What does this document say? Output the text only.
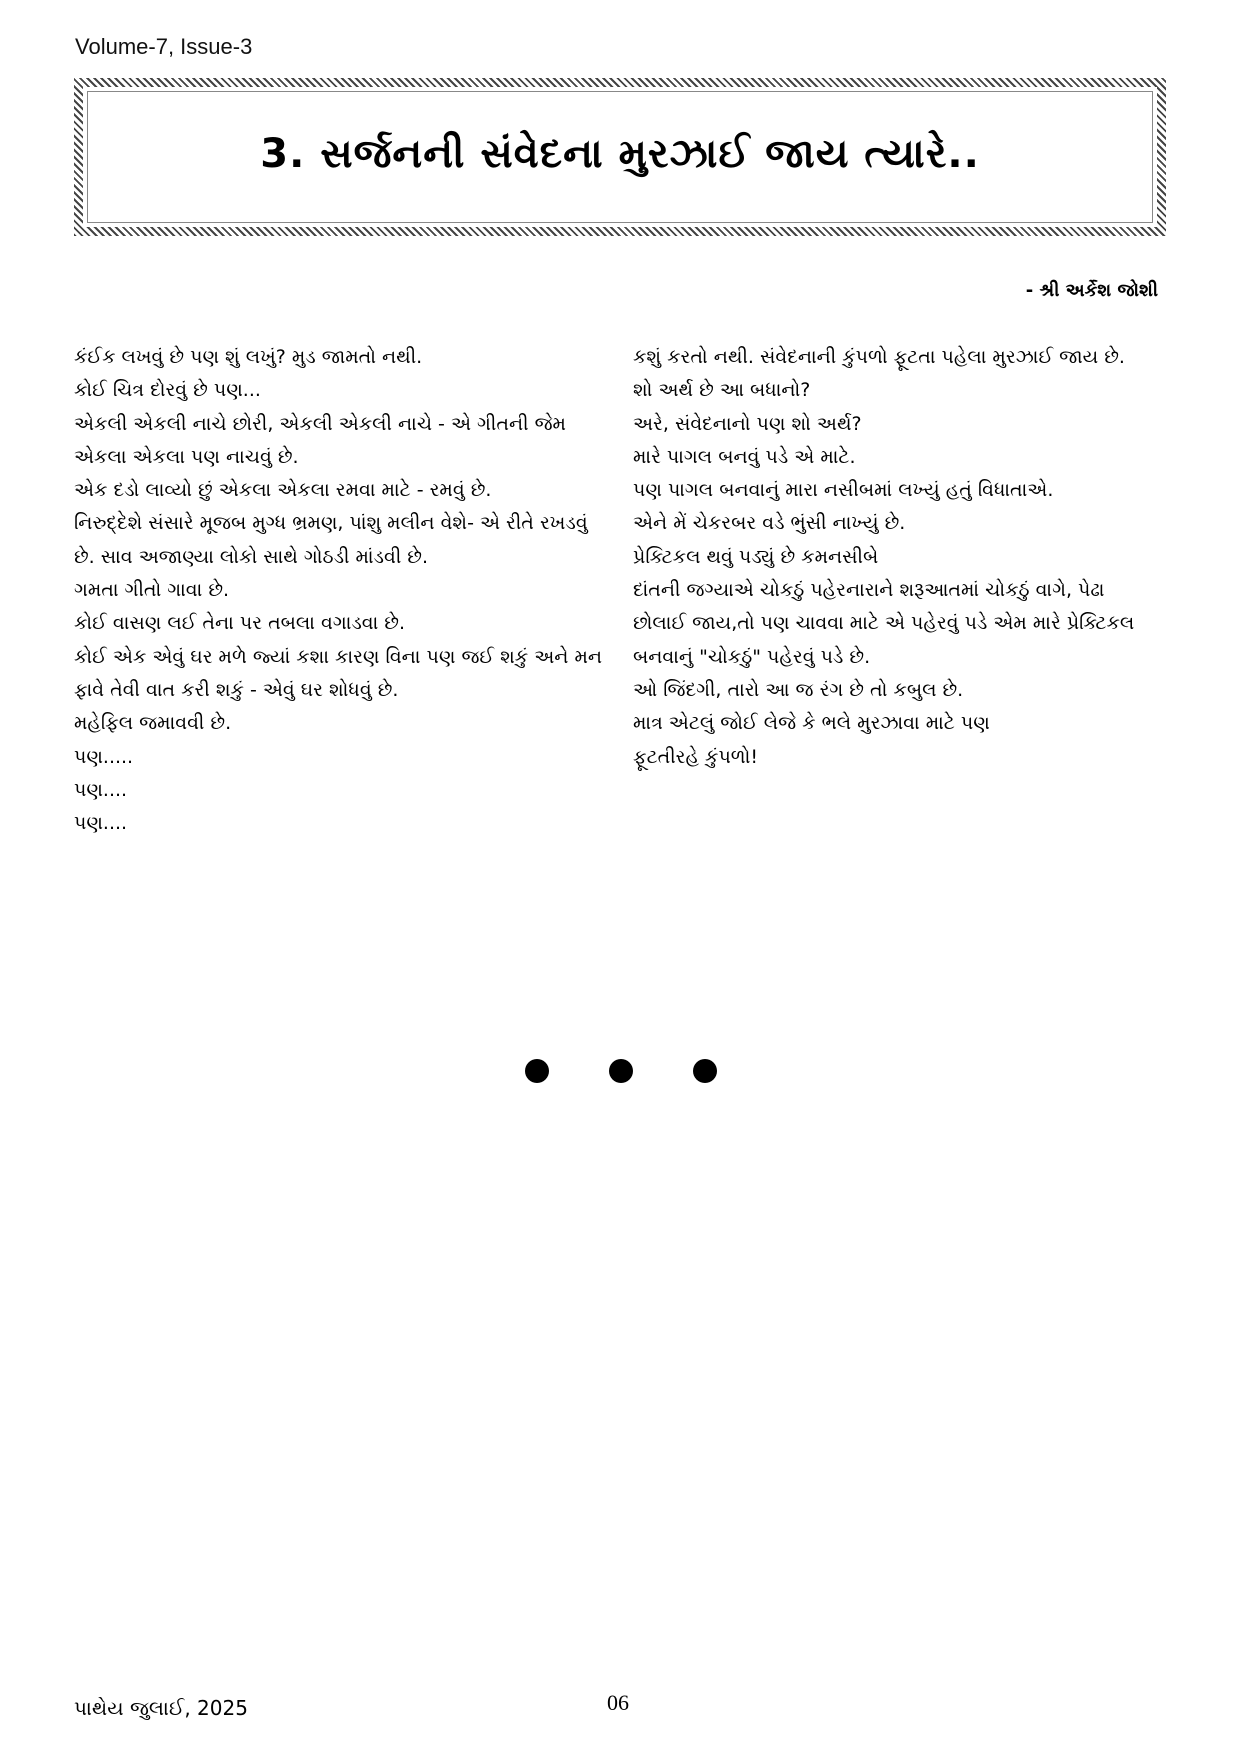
Volume-7, Issue-3
3. સર્જનની સંવેદના મુરઝાઈ જાય ત્યારે..
- શ્રી અર્કેશ જોશી
કંઈક લખવું છે પણ શું લખું? મુડ જામતો નથી.
કોઈ ચિત્ર દોરવું છે પણ...
એકલી એકલી નાચે છોરી, એકલી એકલી નાચે - એ ગીતની જેમ
એકલા એકલા પણ નાચવું છે.
એક દડો લાવ્યો છું એકલા એકલા રમવા માટે - રમવું છે.
નિરુદ્દેશે સંસારે મૂજબ મુગ્ધ ભ્રમણ, પાંશુ મલીન વેશે- એ રીતે રખડવું
છે. સાવ અજાણ્યા લોકો સાથે ગોઠડી માંડવી છે.
ગમતા ગીતો ગાવા છે.
કોઈ વાસણ લઈ તેના પર તબલા વગાડવા છે.
કોઈ એક એવું ઘર મળે જ્યાં કશા કારણ વિના પણ જઈ શકું અને મન
ફાવે તેવી વાત કરી શકું - એવું ઘર શોધવું છે.
મહેફિલ જમાવવી છે.
પણ.....
પણ....
પણ....
કશું કરતો નથી. સંવેદનાની કુંપળો ફૂટતા પહેલા મુરઝાઈ જાય છે.
શો અર્થ છે આ બધાનો?
અરે, સંવેદનાનો પણ શો અર્થ?
મારે પાગલ બનવું પડે એ માટે.
પણ પાગલ બનવાનું મારા નસીબમાં લખ્યું હતું વિધાતાએ.
એને મેં ચેકરબર વડે ભુંસી નાખ્યું છે.
પ્રેક્ટિકલ થવું પડ્યું છે કમનસીબે
દાંતની જગ્યાએ ચોકઠું પહેરનારાને શરૂઆતમાં ચોકઠું વાગે, પેઢા
છોલાઈ જાય,તો પણ ચાવવા માટે એ પહેરવું પડે એમ મારે પ્રેક્ટિકલ
બનવાનું "ચોકઠું" પહેરવું પડે છે.
ઓ જિંદગી, તારો આ જ રંગ છે તો કબુલ છે.
માત્ર એટલું જોઈ લેજે કે ભલે મુરઝાવા માટે પણ
ફૂટતીરહે કુંપળો!
પાથેય જુલાઈ, 2025	06
